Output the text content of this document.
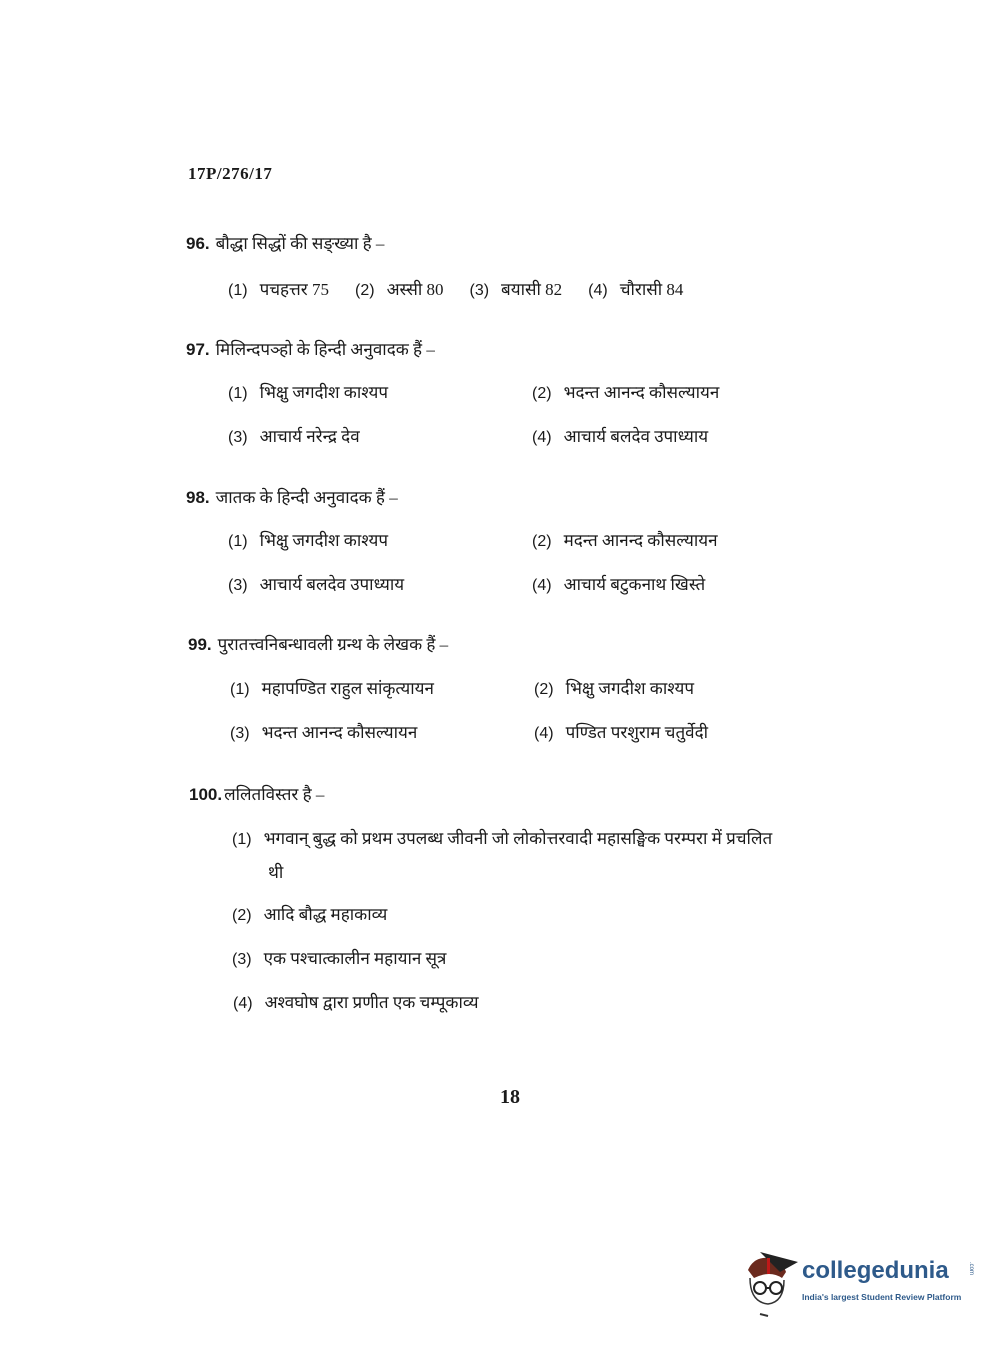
17P/276/17
96. बौद्धा सिद्धों की सङ्ख्या है –
(1) पचहत्तर 75 (2) अस्सी 80 (3) बयासी 82 (4) चौरासी 84
97. मिलिन्दपञ्हो के हिन्दी अनुवादक हैं –
(1) भिक्षु जगदीश काश्यप	(2) भदन्त आनन्द कौसल्यायन
(3) आचार्य नरेन्द्र देव	(4) आचार्य बलदेव उपाध्याय
98. जातक के हिन्दी अनुवादक हैं –
(1) भिक्षु जगदीश काश्यप	(2) मदन्त आनन्द कौसल्यायन
(3) आचार्य बलदेव उपाध्याय	(4) आचार्य बटुकनाथ खिस्ते
99. पुरातत्त्वनिबन्धावली ग्रन्थ के लेखक हैं –
(1) महापण्डित राहुल सांकृत्यायन	(2) भिक्षु जगदीश काश्यप
(3) भदन्त आनन्द कौसल्यायन	(4) पण्डित परशुराम चतुर्वेदी
100. ललितविस्तर है –
(1) भगवान् बुद्ध को प्रथम उपलब्ध जीवनी जो लोकोत्तरवादी महासङ्घिक परम्परा में प्रचलित
थी
(2) आदि बौद्ध महाकाव्य
(3) एक पश्चात्कालीन महायान सूत्र
(4) अश्वघोष द्वारा प्रणीत एक चम्पूकाव्य
18
collegedunia	.com
India's largest Student Review Platform
